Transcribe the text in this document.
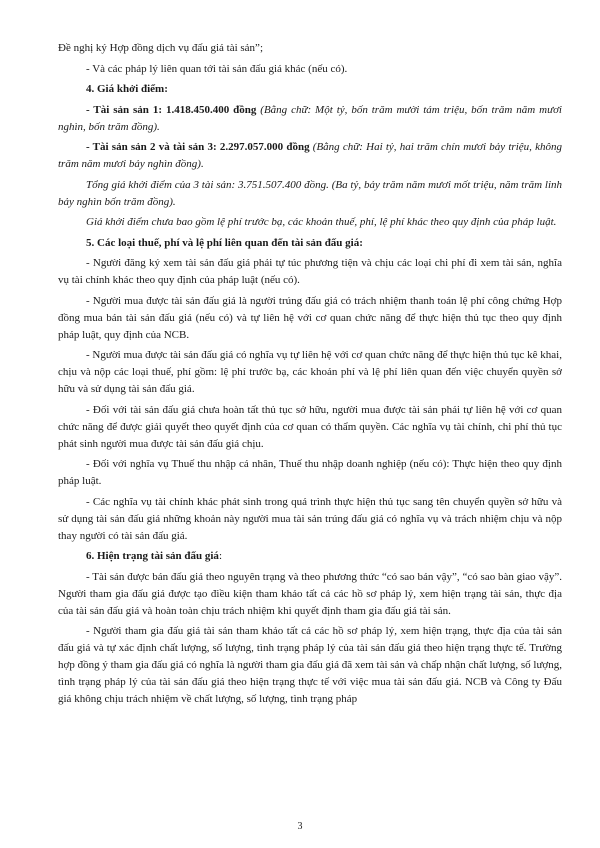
Đề nghị ký Hợp đồng dịch vụ đấu giá tài sản”;

- Và các pháp lý liên quan tới tài sản đấu giá khác (nếu có).

4. Giá khởi điểm:

- Tài sản sản 1: 1.418.450.400 đồng (Bằng chữ: Một tỷ, bốn trăm mười tám triệu, bốn trăm năm mươi nghìn, bốn trăm đồng).

- Tài sản sản 2 và tài sản 3: 2.297.057.000 đồng (Bằng chữ: Hai tỷ, hai trăm chín mươi bảy triệu, không trăm năm mươi bảy nghìn đồng).

Tổng giá khởi điểm của 3 tài sản: 3.751.507.400 đồng. (Ba tỷ, bảy trăm năm mươi mốt triệu, năm trăm linh bảy nghìn bốn trăm đồng).

Giá khởi điểm chưa bao gồm lệ phí trước bạ, các khoản thuế, phí, lệ phí khác theo quy định của pháp luật.

5. Các loại thuế, phí và lệ phí liên quan đến tài sản đấu giá:

- Người đăng ký xem tài sản đấu giá phải tự túc phương tiện và chịu các loại chi phí đi xem tài sản, nghĩa vụ tài chính khác theo quy định của pháp luật (nếu có).

- Người mua được tài sản đấu giá là người trúng đấu giá có trách nhiệm thanh toán lệ phí công chứng Hợp đồng mua bán tài sản đấu giá (nếu có) và tự liên hệ với cơ quan chức năng để thực hiện thủ tục theo quy định pháp luật, quy định của NCB.

- Người mua được tài sản đấu giá có nghĩa vụ tự liên hệ với cơ quan chức năng để thực hiện thủ tục kê khai, chịu và nộp các loại thuế, phí gồm: lệ phí trước bạ, các khoản phí và lệ phí liên quan đến việc chuyển quyền sở hữu và sử dụng tài sản đấu giá.

- Đối với tài sản đấu giá chưa hoàn tất thủ tục sở hữu, người mua được tài sản phải tự liên hệ với cơ quan chức năng để được giải quyết theo quyết định của cơ quan có thẩm quyền. Các nghĩa vụ tài chính, chi phí thủ tục phát sinh người mua được tài sản đấu giá chịu.

- Đối với nghĩa vụ Thuế thu nhập cá nhân, Thuế thu nhập doanh nghiệp (nếu có): Thực hiện theo quy định pháp luật.

- Các nghĩa vụ tài chính khác phát sinh trong quá trình thực hiện thủ tục sang tên chuyển quyền sở hữu và sử dụng tài sản đấu giá những khoản này người mua tài sản trúng đấu giá có nghĩa vụ và trách nhiệm chịu và nộp thay người có tài sản đấu giá.

6. Hiện trạng tài sản đấu giá:

- Tài sản được bán đấu giá theo nguyên trạng và theo phương thức “có sao bán vậy”, “có sao bàn giao vậy”. Người tham gia đấu giá được tạo điều kiện tham khảo tất cả các hồ sơ pháp lý, xem hiện trạng tài sản, thực địa của tài sản đấu giá và hoàn toàn chịu trách nhiệm khi quyết định tham gia đấu giá tài sản.

- Người tham gia đấu giá tài sản tham khảo tất cả các hồ sơ pháp lý, xem hiện trạng, thực địa của tài sản đấu giá và tự xác định chất lượng, số lượng, tình trạng pháp lý của tài sản đấu giá theo hiện trạng thực tế. Trường hợp đồng ý tham gia đấu giá có nghĩa là người tham gia đấu giá đã xem tài sản và chấp nhận chất lượng, số lượng, tình trạng pháp lý của tài sản đấu giá theo hiện trạng thực tế với việc mua tài sản đấu giá. NCB và Công ty Đấu giá không chịu trách nhiệm về chất lượng, số lượng, tình trạng pháp

3
